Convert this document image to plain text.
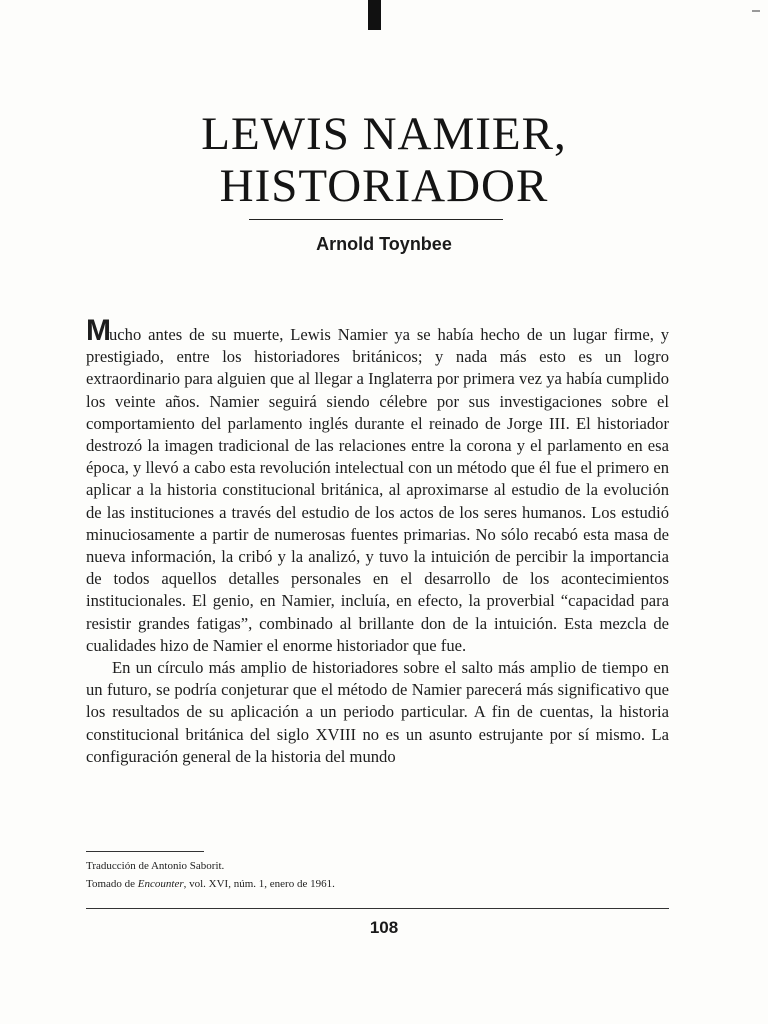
LEWIS NAMIER,
HISTORIADOR
Arnold Toynbee

Mucho antes de su muerte, Lewis Namier ya se había hecho de un lugar firme, y prestigiado, entre los historiadores británicos; y nada más esto es un logro extraordinario para alguien que al llegar a Inglaterra por primera vez ya había cumplido los veinte años. Namier seguirá siendo célebre por sus investigaciones sobre el comportamiento del parlamento inglés durante el reinado de Jorge III. El historiador destrozó la imagen tradicional de las relaciones entre la corona y el parlamento en esa época, y llevó a cabo esta revolución intelectual con un método que él fue el primero en aplicar a la historia constitucional británica, al aproximarse al estudio de la evolución de las instituciones a través del estudio de los actos de los seres humanos. Los estudió minuciosamente a partir de numerosas fuentes primarias. No sólo recabó esta masa de nueva información, la cribó y la analizó, y tuvo la intuición de percibir la importancia de todos aquellos detalles personales en el desarrollo de los acontecimientos institucionales. El genio, en Namier, incluía, en efecto, la proverbial “capacidad para resistir grandes fatigas”, combinado al brillante don de la intuición. Esta mezcla de cualidades hizo de Namier el enorme historiador que fue.

En un círculo más amplio de historiadores sobre el salto más amplio de tiempo en un futuro, se podría conjeturar que el método de Namier parecerá más significativo que los resultados de su aplicación a un periodo particular. A fin de cuentas, la historia constitucional británica del siglo XVIII no es un asunto estrujante por sí mismo. La configuración general de la historia del mundo

Traducción de Antonio Saborit.
Tomado de Encounter, vol. XVI, núm. 1, enero de 1961.
108
